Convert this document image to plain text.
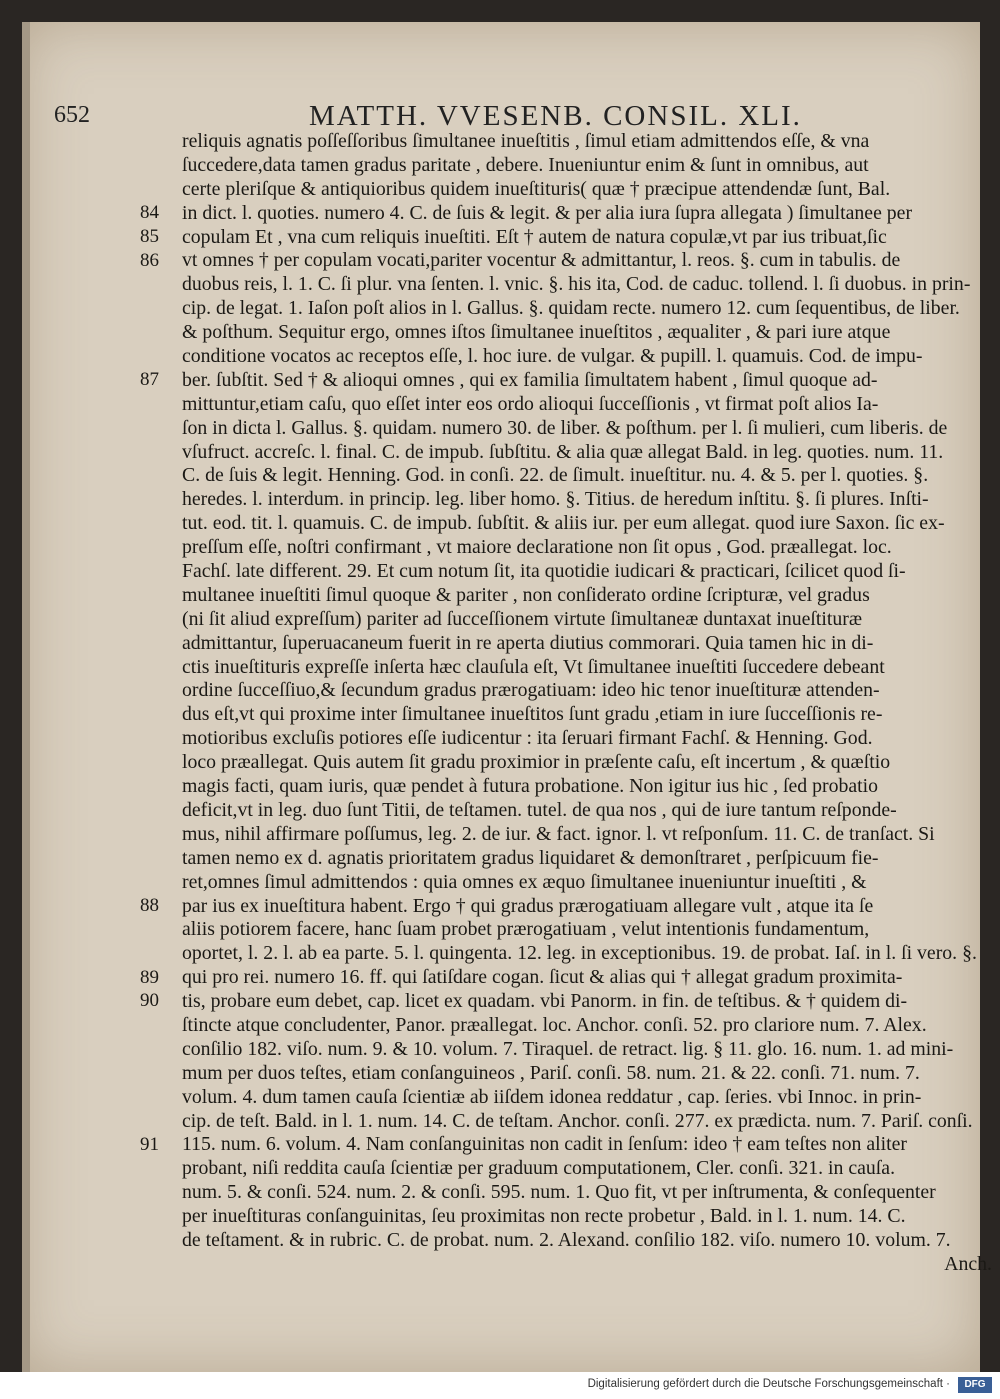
652	MATTH. VVESENB. CONSIL. XLI.
reliquis agnatis poſſeſſoribus ſimultanee inueſtitis , ſimul etiam admittendos eſſe, & vna
ſuccedere,data tamen gradus paritate , debere. Inueniuntur enim & ſunt in omnibus, aut
certe pleriſque & antiquioribus quidem inueſtituris( quæ † præcipue attendendæ ſunt, Bal.
in dict. l. quoties. numero 4. C. de ſuis & legit. & per alia iura ſupra allegata ) ſimultanee per
copulam Et , vna cum reliquis inueſtiti. Eſt † autem de natura copulæ,vt par ius tribuat,ſic
vt omnes † per copulam vocati,pariter vocentur & admittantur, l. reos. §. cum in tabulis. de
duobus reis, l. 1. C. ſi plur. vna ſenten. l. vnic. §. his ita, Cod. de caduc. tollend. l. ſi duobus. in prin-
cip. de legat. 1. Iaſon poſt alios in l. Gallus. §. quidam recte. numero 12. cum ſequentibus, de liber.
& poſthum. Sequitur ergo, omnes iſtos ſimultanee inueſtitos , æqualiter , & pari iure atque
conditione vocatos ac receptos eſſe, l. hoc iure. de vulgar. & pupill. l. quamuis. Cod. de impu-
ber. ſubſtit. Sed † & alioqui omnes , qui ex familia ſimultatem habent , ſimul quoque ad-
mittuntur,etiam caſu, quo eſſet inter eos ordo alioqui ſucceſſionis , vt firmat poſt alios Ia-
ſon in dicta l. Gallus. §. quidam. numero 30. de liber. & poſthum. per l. ſi mulieri, cum liberis. de
vſufruct. accreſc. l. final. C. de impub. ſubſtitu. & alia quæ allegat Bald. in leg. quoties. num. 11.
C. de ſuis & legit. Henning. God. in conſi. 22. de ſimult. inueſtitur. nu. 4. & 5. per l. quoties. §.
heredes. l. interdum. in princip. leg. liber homo. §. Titius. de heredum inſtitu. §. ſi plures. Inſti-
tut. eod. tit. l. quamuis. C. de impub. ſubſtit. & aliis iur. per eum allegat. quod iure Saxon. ſic ex-
preſſum eſſe, noſtri confirmant , vt maiore declaratione non ſit opus , God. præallegat. loc.
Fachſ. late different. 29. Et cum notum ſit, ita quotidie iudicari & practicari, ſcilicet quod ſi-
multanee inueſtiti ſimul quoque & pariter , non conſiderato ordine ſcripturæ, vel gradus
(ni ſit aliud expreſſum) pariter ad ſucceſſionem virtute ſimultaneæ duntaxat inueſtituræ
admittantur, ſuperuacaneum fuerit in re aperta diutius commorari. Quia tamen hic in di-
ctis inueſtituris expreſſe inſerta hæc clauſula eſt, Vt ſimultanee inueſtiti ſuccedere debeant
ordine ſucceſſiuo,& ſecundum gradus prærogatiuam: ideo hic tenor inueſtituræ attenden-
dus eſt,vt qui proxime inter ſimultanee inueſtitos ſunt gradu ,etiam in iure ſucceſſionis re-
motioribus excluſis potiores eſſe iudicentur : ita ſeruari firmant Fachſ. & Henning. God.
loco præallegat. Quis autem ſit gradu proximior in præſente caſu, eſt incertum , & quæſtio
magis facti, quam iuris, quæ pendet à futura probatione. Non igitur ius hic , ſed probatio
deficit,vt in leg. duo ſunt Titii, de teſtamen. tutel. de qua nos , qui de iure tantum reſponde-
mus, nihil affirmare poſſumus, leg. 2. de iur. & fact. ignor. l. vt reſponſum. 11. C. de tranſact. Si
tamen nemo ex d. agnatis prioritatem gradus liquidaret & demonſtraret , perſpicuum fie-
ret,omnes ſimul admittendos : quia omnes ex æquo ſimultanee inueniuntur inueſtiti , &
par ius ex inueſtitura habent. Ergo † qui gradus prærogatiuam allegare vult , atque ita ſe
aliis potiorem facere, hanc ſuam probet prærogatiuam , velut intentionis fundamentum,
oportet, l. 2. l. ab ea parte. 5. l. quingenta. 12. leg. in exceptionibus. 19. de probat. Iaſ. in l. ſi vero. §.
qui pro rei. numero 16. ff. qui ſatiſdare cogan. ſicut & alias qui † allegat gradum proximita-
tis, probare eum debet, cap. licet ex quadam. vbi Panorm. in fin. de teſtibus. & † quidem di-
ſtincte atque concludenter, Panor. præallegat. loc. Anchor. conſi. 52. pro clariore num. 7. Alex.
conſilio 182. viſo. num. 9. & 10. volum. 7. Tiraquel. de retract. lig. § 11. glo. 16. num. 1. ad mini-
mum per duos teſtes, etiam conſanguineos , Pariſ. conſi. 58. num. 21. & 22. conſi. 71. num. 7.
volum. 4. dum tamen cauſa ſcientiæ ab iiſdem idonea reddatur , cap. ſeries. vbi Innoc. in prin-
cip. de teſt. Bald. in l. 1. num. 14. C. de teſtam. Anchor. conſi. 277. ex prædicta. num. 7. Pariſ. conſi.
115. num. 6. volum. 4. Nam conſanguinitas non cadit in ſenſum: ideo † eam teſtes non aliter
probant, niſi reddita cauſa ſcientiæ per graduum computationem, Cler. conſi. 321. in cauſa.
num. 5. & conſi. 524. num. 2. & conſi. 595. num. 1. Quo fit, vt per inſtrumenta, & conſequenter
per inueſtituras conſanguinitas, ſeu proximitas non recte probetur , Bald. in l. 1. num. 14. C.
de teſtament. & in rubric. C. de probat. num. 2. Alexand. conſilio 182. viſo. numero 10. volum. 7.
Anch.
84
85
86
87
88
89
90
91
Digitalisierung gefördert durch die Deutsche Forschungsgemeinschaft ·	DFG
